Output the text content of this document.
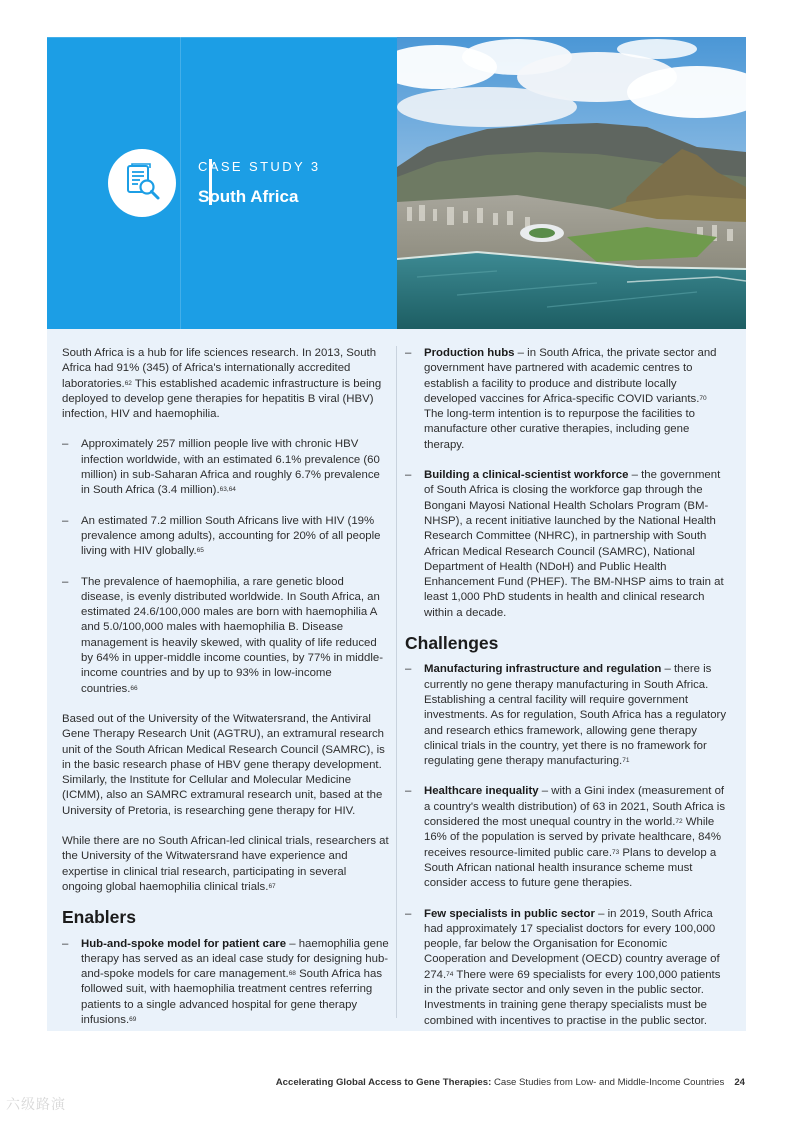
CASE STUDY 3
South Africa

South Africa is a hub for life sciences research. In 2013, South Africa had 91% (345) of Africa's internationally accredited laboratories.$^{62}$ This established academic infrastructure is being deployed to develop gene therapies for hepatitis B viral (HBV) infection, HIV and haemophilia.

– Approximately 257 million people live with chronic HBV infection worldwide, with an estimated 6.1% prevalence (60 million) in sub-Saharan Africa and roughly 6.7% prevalence in South Africa (3.4 million).$^{63,64}$
– An estimated 7.2 million South Africans live with HIV (19% prevalence among adults), accounting for 20% of all people living with HIV globally.$^{65}$
– The prevalence of haemophilia, a rare genetic blood disease, is evenly distributed worldwide. In South Africa, an estimated 24.6/100,000 males are born with haemophilia A and 5.0/100,000 males with haemophilia B. Disease management is heavily skewed, with quality of life reduced by 64% in upper-middle income counties, by 77% in middle-income countries and by up to 93% in low-income countries.$^{66}$

Based out of the University of the Witwatersrand, the Antiviral Gene Therapy Research Unit (AGTRU), an extramural research unit of the South African Medical Research Council (SAMRC), is in the basic research phase of HBV gene therapy development. Similarly, the Institute for Cellular and Molecular Medicine (ICMM), also an SAMRC extramural research unit, based at the University of Pretoria, is researching gene therapy for HIV.

While there are no South African-led clinical trials, researchers at the University of the Witwatersrand have experience and expertise in clinical trial research, participating in several ongoing global haemophilia clinical trials.$^{67}$

Enablers
– Hub-and-spoke model for patient care – haemophilia gene therapy has served as an ideal case study for designing hub-and-spoke models for care management.$^{68}$ South Africa has followed suit, with haemophilia treatment centres referring patients to a single advanced hospital for gene therapy infusions.$^{69}$
– Production hubs – in South Africa, the private sector and government have partnered with academic centres to establish a facility to produce and distribute locally developed vaccines for Africa-specific COVID variants.$^{70}$ The long-term intention is to repurpose the facilities to manufacture other curative therapies, including gene therapy.
– Building a clinical-scientist workforce – the government of South Africa is closing the workforce gap through the Bongani Mayosi National Health Scholars Program (BM-NHSP), a recent initiative launched by the National Health Research Committee (NHRC), in partnership with South African Medical Research Council (SAMRC), National Department of Health (NDoH) and Public Health Enhancement Fund (PHEF). The BM-NHSP aims to train at least 1,000 PhD students in health and clinical research within a decade.
Challenges
– Manufacturing infrastructure and regulation – there is currently no gene therapy manufacturing in South Africa. Establishing a central facility will require government investments. As for regulation, South Africa has a regulatory and research ethics framework, allowing gene therapy clinical trials in the country, yet there is no framework for regulating gene therapy manufacturing.$^{71}$
– Healthcare inequality – with a Gini index (measurement of a country's wealth distribution) of 63 in 2021, South Africa is considered the most unequal country in the world.$^{72}$ While 16% of the population is served by private healthcare, 84% receives resource-limited public care.$^{73}$ Plans to develop a South African national health insurance scheme must consider access to future gene therapies.
– Few specialists in public sector – in 2019, South Africa had approximately 17 specialist doctors for every 100,000 people, far below the Organisation for Economic Cooperation and Development (OECD) country average of 274.74 There were 69 specialists for every 100,000 patients in the private sector and only seven in the public sector. Investments in training gene therapy specialists must be combined with incentives to practise in the public sector.
Accelerating Global Access to Gene Therapies: Case Studies from Low- and Middle-Income Countries 24
六级路演
